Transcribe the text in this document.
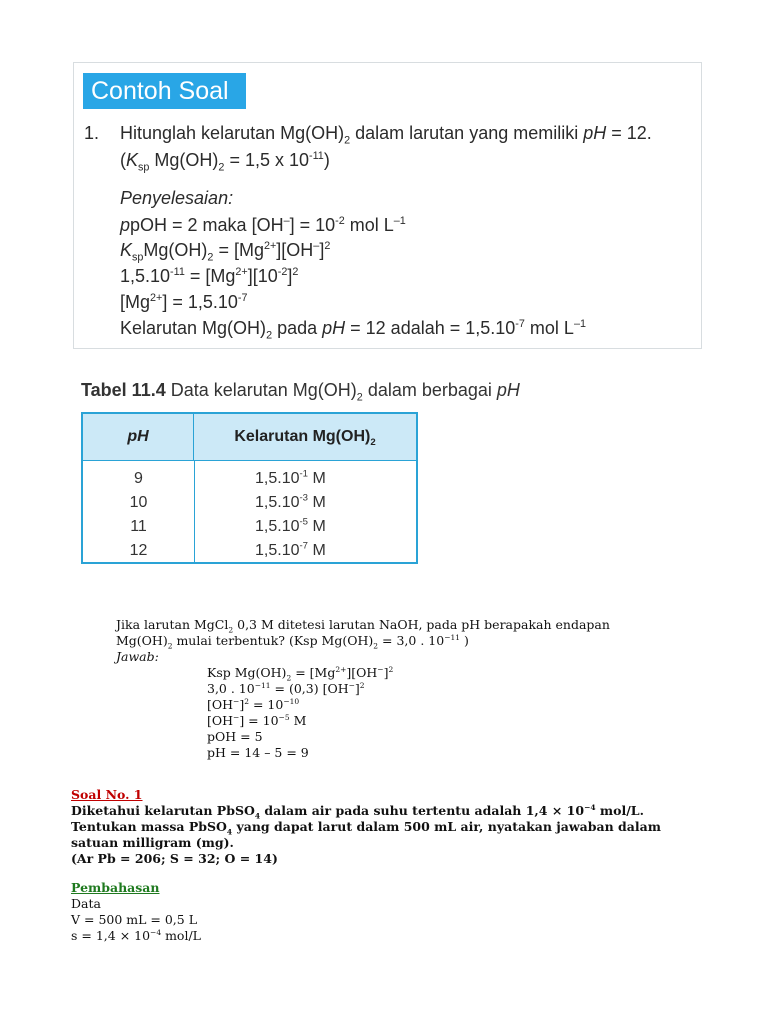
Contoh Soal
1. Hitunglah kelarutan $Mg(OH)_2$ dalam larutan yang memiliki pH = 12.
($K_{sp}$ $Mg(OH)_2 = 1,5$ x $10^{-11}$)
Penyelesaian:
ppOH = 2 maka $[OH^-] = 10^{-2}$ mol $L^{-1}$
$K_{sp}Mg(OH)_2 = [Mg^{2+}][OH^-]^2$
$1,5.10^{-11} = [Mg^{2+}][10^{-2}]^2$
$[Mg^{2+}] = 1,5.10^{-7}$
Kelarutan $Mg(OH)_2$ pada pH = 12 adalah = $1,5.10^{-7}$ mol $L^{-1}$
Tabel 11.4 Data kelarutan $Mg(OH)_2$ dalam berbagai pH
pH	Kelarutan $Mg(OH)_2$
9	$1,5.10^{-1}$ M
10	$1,5.10^{-3}$ M
11	$1,5.10^{-5}$ M
12	$1,5.10^{-7}$ M
Jika larutan MgCl$_2$ 0,3 M ditetesi larutan NaOH, pada pH berapakah endapan
$Mg(OH)_2$ mulai terbentuk? (Ksp $Mg(OH)_2 = 3,0$ . $10^{-11}$ )
Jawab:
Ksp $Mg(OH)_2 = [Mg^{2+}][OH^-]^2$
3,0 . $10^{-11} = (0,3)$ $[OH^-]^2$
$[OH^-]^2 = 10^{-10}$
$[OH^-] = 10^{-5}$ M
pOH = 5
pH = 14 – 5 = 9
Soal No. 1
Diketahui kelarutan PbSO$_4$ dalam air pada suhu tertentu adalah $1,4 \times 10^{-4}$ mol/L.
Tentukan massa PbSO$_4$ yang dapat larut dalam 500 mL air, nyatakan jawaban dalam
satuan milligram (mg).
(Ar Pb = 206; S = 32; O = 14)
Pembahasan
Data
V = 500 mL = 0,5 L
$s = 1,4 \times 10^{-4}$ mol/L
